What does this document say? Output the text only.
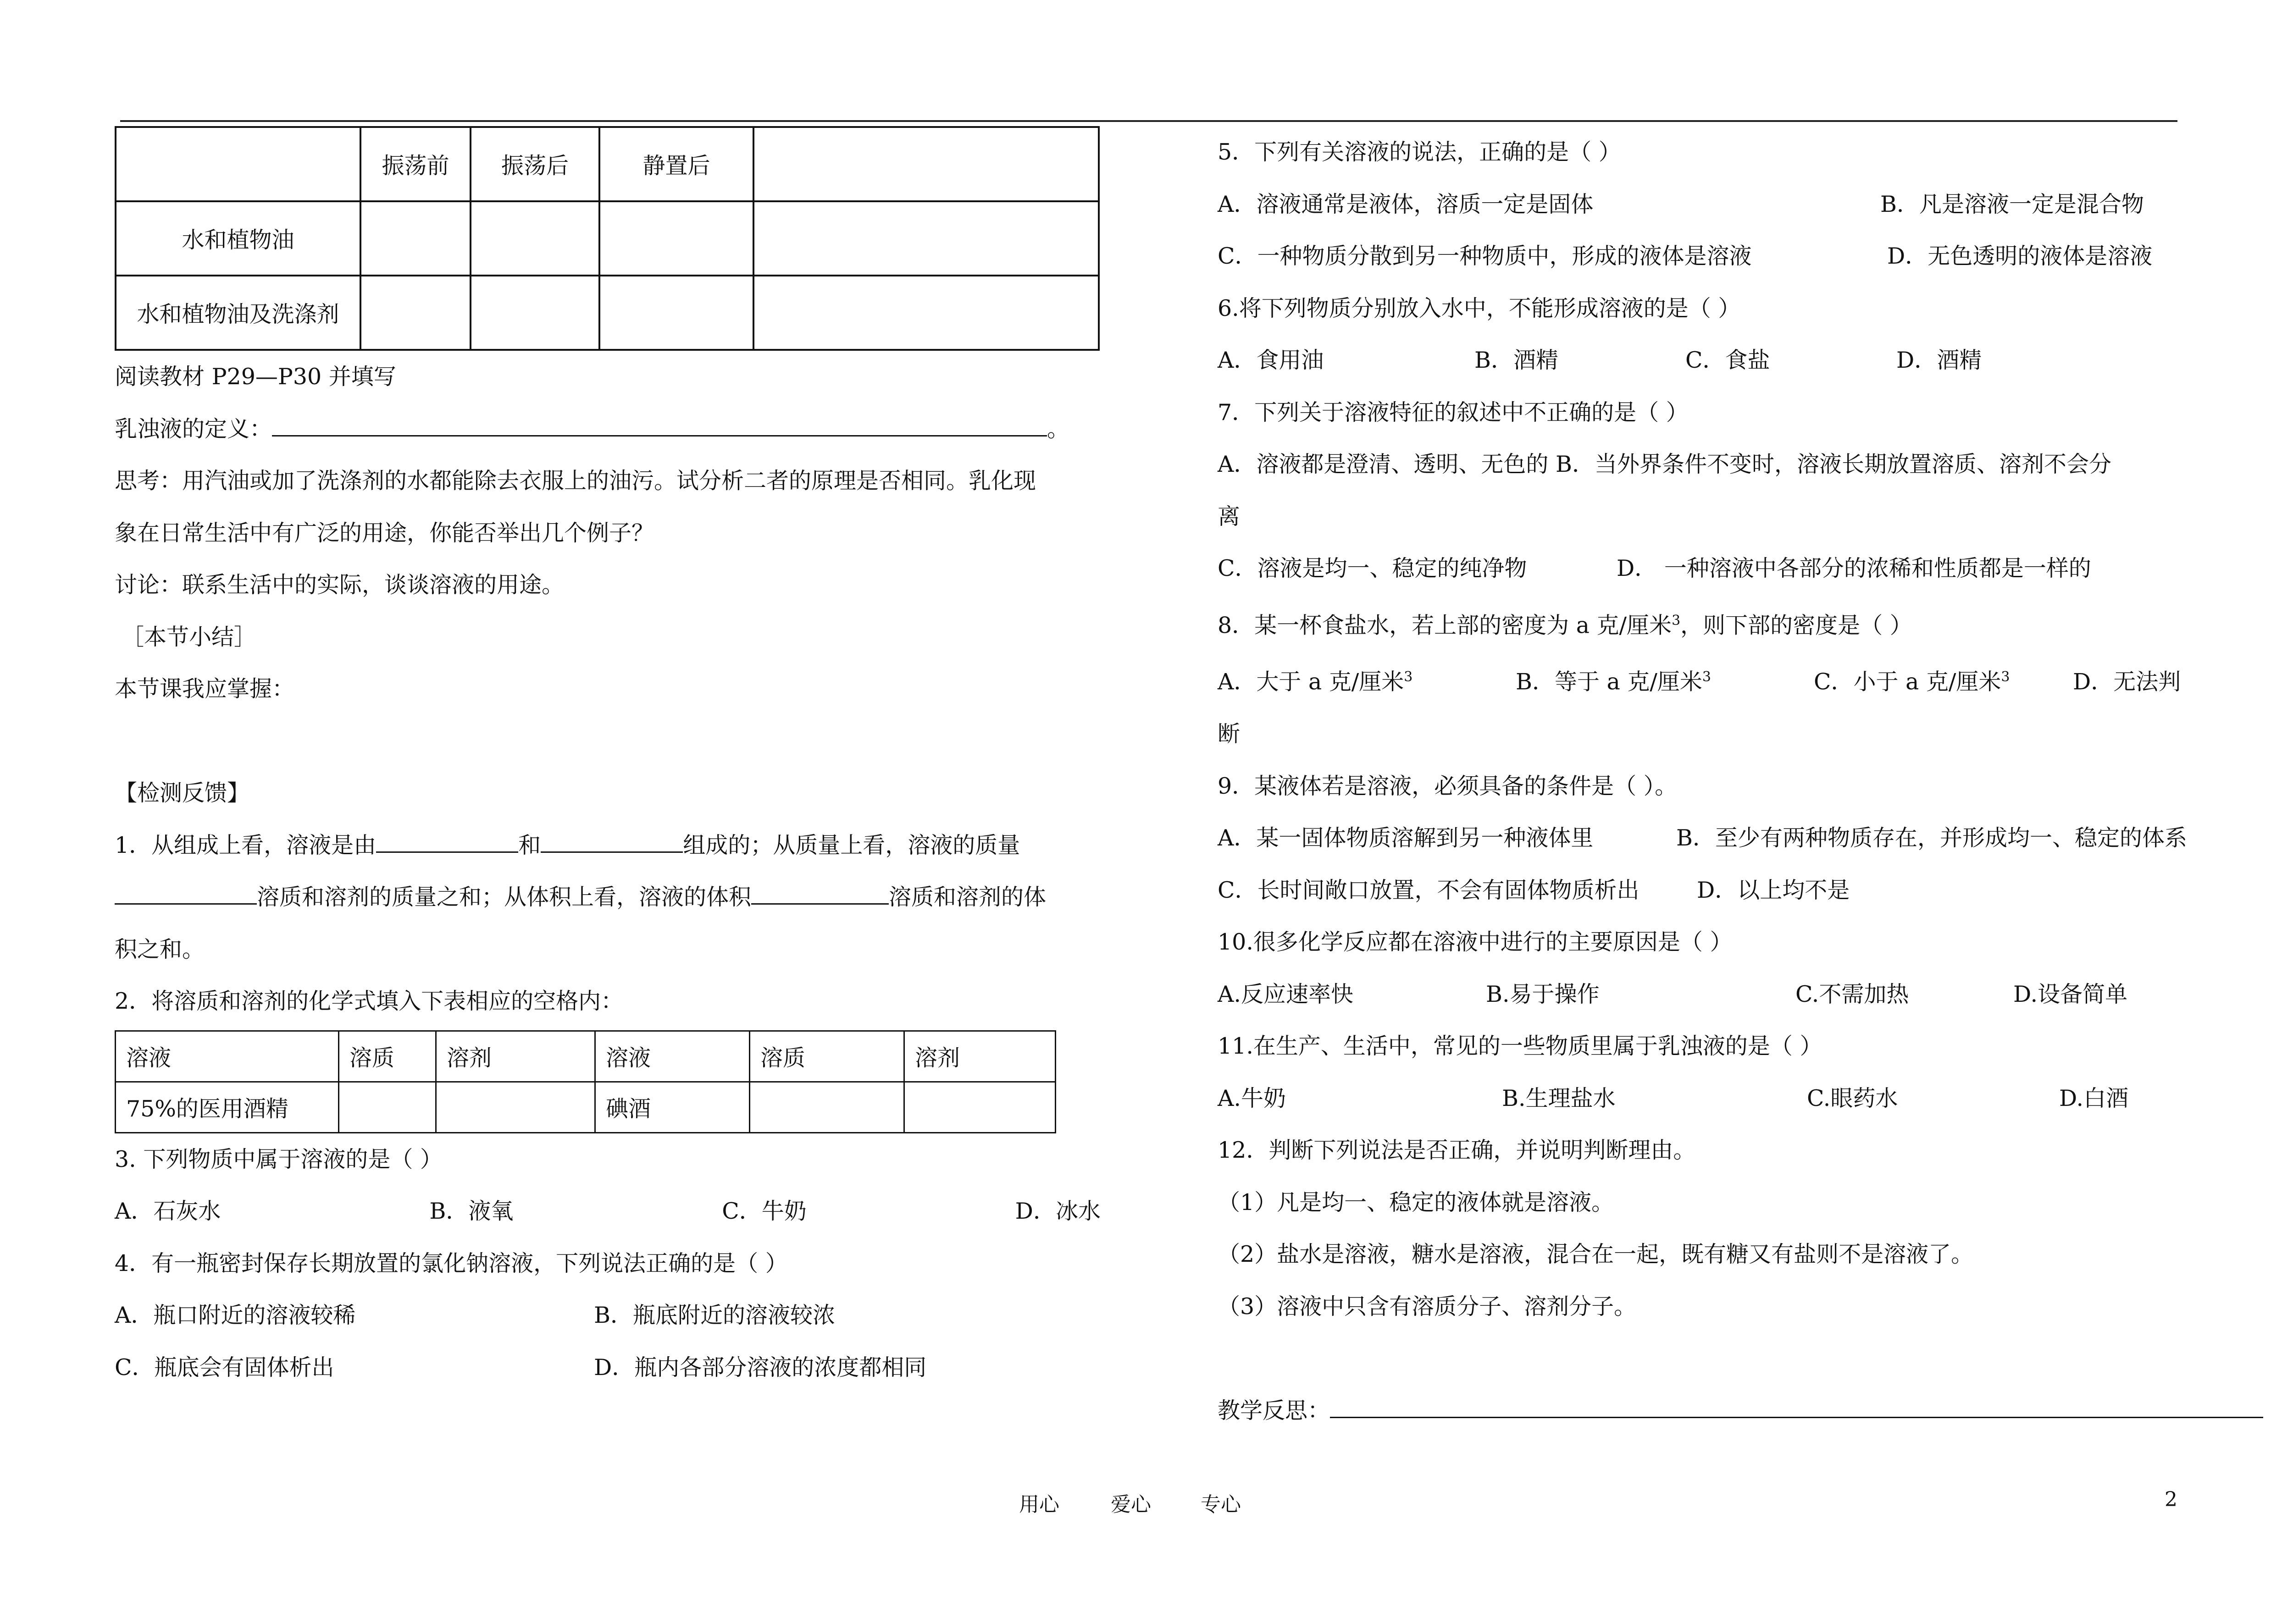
	振荡前	振荡后	静置后	
水和植物油				
水和植物油及洗涤剂				

阅读教材 P29—P30 并填写

乳浊液的定义：	。

思考：用汽油或加了洗涤剂的水都能除去衣服上的油污。试分析二者的原理是否相同。乳化现

象在日常生活中有广泛的用途，你能否举出几个例子？

讨论：联系生活中的实际，谈谈溶液的用途。

［本节小结］

本节课我应掌握：

【检测反馈】

1．从组成上看，溶液是由	和	组成的；从质量上看，溶液的质量

溶质和溶剂的质量之和；从体积上看，溶液的体积	溶质和溶剂的体

积之和。

2．将溶质和溶剂的化学式填入下表相应的空格内：

溶液	溶质	溶剂	溶液	溶质	溶剂
75%的医用酒精			碘酒		

3. 下列物质中属于溶液的是（ ）

A．石灰水	B．液氧	C．牛奶	D．冰水

4．有一瓶密封保存长期放置的氯化钠溶液，下列说法正确的是（ ）

A．瓶口附近的溶液较稀	B．瓶底附近的溶液较浓

C．瓶底会有固体析出	D．瓶内各部分溶液的浓度都相同

5．下列有关溶液的说法，正确的是（ ）

A．溶液通常是液体，溶质一定是固体	B．凡是溶液一定是混合物

C．一种物质分散到另一种物质中，形成的液体是溶液	D．无色透明的液体是溶液

6.将下列物质分别放入水中，不能形成溶液的是（ ）

A．食用油	B．酒精	C．食盐	D．酒精

7．下列关于溶液特征的叙述中不正确的是（ ）

A．溶液都是澄清、透明、无色的 B．当外界条件不变时，溶液长期放置溶质、溶剂不会分

离

C．溶液是均一、稳定的纯净物	D． 一种溶液中各部分的浓稀和性质都是一样的

8．某一杯食盐水，若上部的密度为 a 克/厘米$^3$，则下部的密度是（ ）

A．大于 a 克/厘米$^3$	B．等于 a 克/厘米$^3$	C．小于 a 克/厘米$^3$	D．无法判

断

9．某液体若是溶液，必须具备的条件是（ ）。

A．某一固体物质溶解到另一种液体里	B．至少有两种物质存在，并形成均一、稳定的体系

C．长时间敞口放置，不会有固体物质析出	D．以上均不是

10.很多化学反应都在溶液中进行的主要原因是（ ）

A.反应速率快	B.易于操作	C.不需加热	D.设备简单

11.在生产、生活中，常见的一些物质里属于乳浊液的是（ ）

A.牛奶	B.生理盐水	C.眼药水	D.白酒

12．判断下列说法是否正确，并说明判断理由。

（1）凡是均一、稳定的液体就是溶液。

（2）盐水是溶液，糖水是溶液，混合在一起，既有糖又有盐则不是溶液了。

（3）溶液中只含有溶质分子、溶剂分子。

教学反思：

用心	爱心 专心	2
